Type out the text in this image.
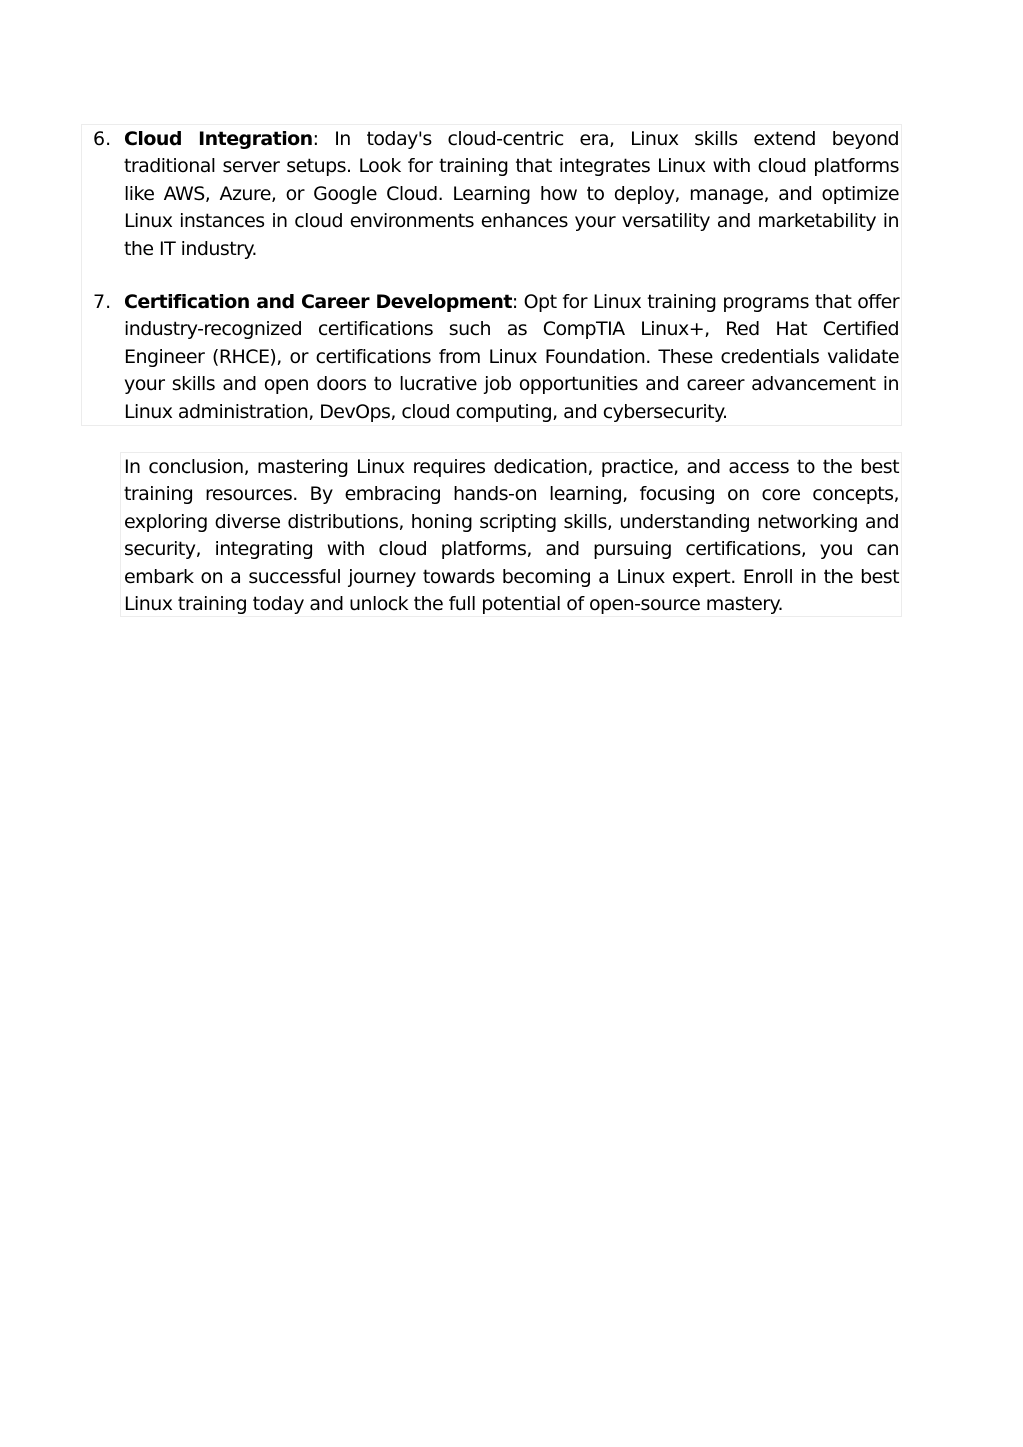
6. Cloud Integration: In today's cloud-centric era, Linux skills extend beyond traditional server setups. Look for training that integrates Linux with cloud platforms like AWS, Azure, or Google Cloud. Learning how to deploy, manage, and optimize Linux instances in cloud environments enhances your versatility and marketability in the IT industry.
7. Certification and Career Development: Opt for Linux training programs that offer industry-recognized certifications such as CompTIA Linux+, Red Hat Certified Engineer (RHCE), or certifications from Linux Foundation. These credentials validate your skills and open doors to lucrative job opportunities and career advancement in Linux administration, DevOps, cloud computing, and cybersecurity.

In conclusion, mastering Linux requires dedication, practice, and access to the best training resources. By embracing hands-on learning, focusing on core concepts, exploring diverse distributions, honing scripting skills, understanding networking and security, integrating with cloud platforms, and pursuing certifications, you can embark on a successful journey towards becoming a Linux expert. Enroll in the best Linux training today and unlock the full potential of open-source mastery.
